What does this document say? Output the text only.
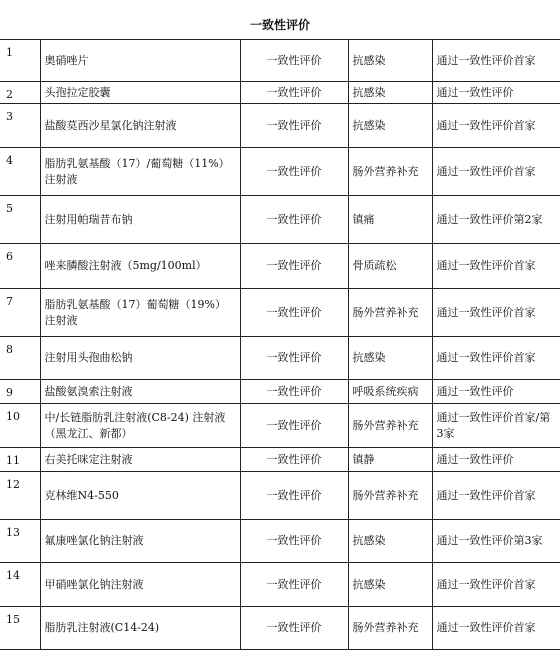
一致性评价				
1	奥硝唑片	一致性评价	抗感染	通过一致性评价首家
2	头孢拉定胶囊	一致性评价	抗感染	通过一致性评价
3	盐酸莫西沙星氯化钠注射液	一致性评价	抗感染	通过一致性评价首家
4	脂肪乳氨基酸（17）/葡萄糖（11%）注射液	一致性评价	肠外营养补充	通过一致性评价首家
5	注射用帕瑞昔布钠	一致性评价	镇痛	通过一致性评价第2家
6	唑来膦酸注射液（5mg/100ml）	一致性评价	骨质疏松	通过一致性评价首家
7	脂肪乳氨基酸（17）葡萄糖（19%）注射液	一致性评价	肠外营养补充	通过一致性评价首家
8	注射用头孢曲松钠	一致性评价	抗感染	通过一致性评价首家
9	盐酸氨溴索注射液	一致性评价	呼吸系统疾病	通过一致性评价
10	中/长链脂肪乳注射液(C8-24) 注射液（黑龙江、新都）	一致性评价	肠外营养补充	通过一致性评价首家/第3家
11	右美托咪定注射液	一致性评价	镇静	通过一致性评价
12	克林维N4-550	一致性评价	肠外营养补充	通过一致性评价首家
13	氟康唑氯化钠注射液	一致性评价	抗感染	通过一致性评价第3家
14	甲硝唑氯化钠注射液	一致性评价	抗感染	通过一致性评价首家
15	脂肪乳注射液(C14-24)	一致性评价	肠外营养补充	通过一致性评价首家
